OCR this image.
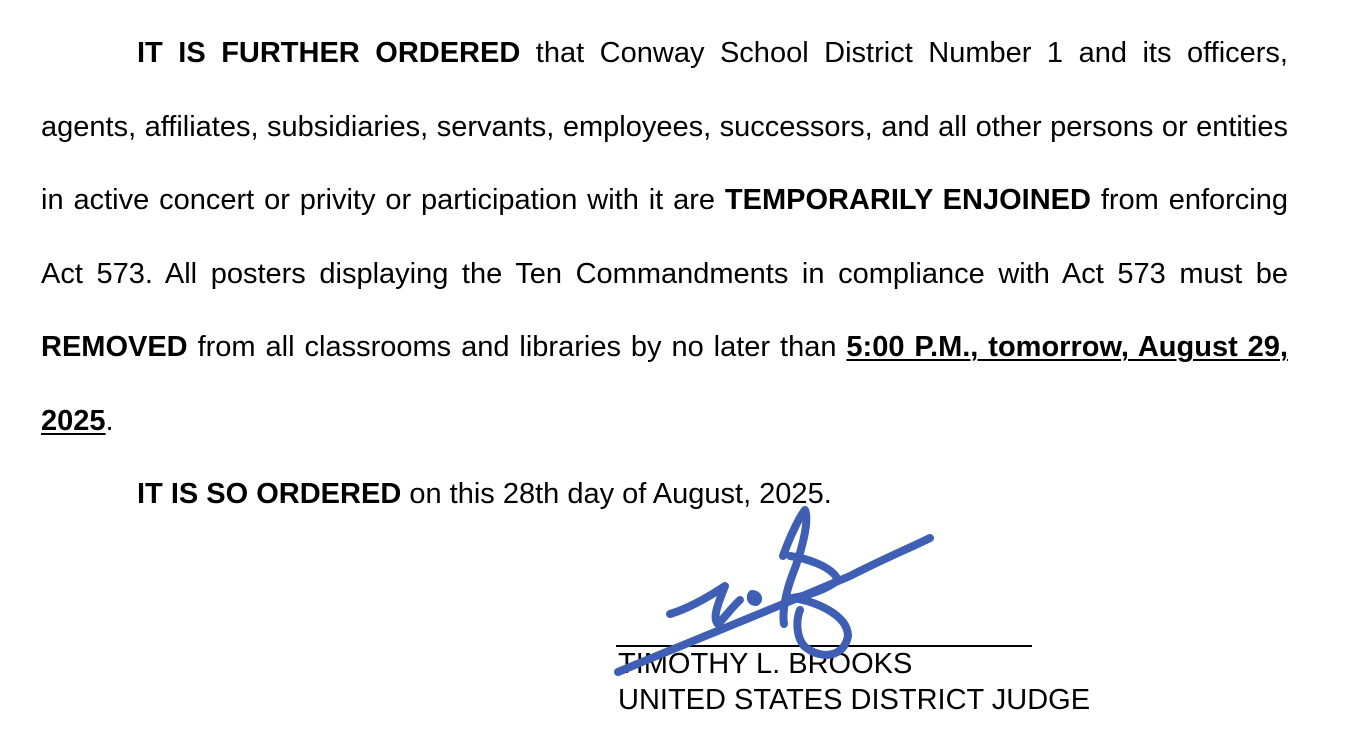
IT IS FURTHER ORDERED that Conway School District Number 1 and its officers, agents, affiliates, subsidiaries, servants, employees, successors, and all other persons or entities in active concert or privity or participation with it are TEMPORARILY ENJOINED from enforcing Act 573. All posters displaying the Ten Commandments in compliance with Act 573 must be REMOVED from all classrooms and libraries by no later than 5:00 P.M., tomorrow, August 29, 2025.

IT IS SO ORDERED on this 28th day of August, 2025.

TIMOTHY L. BROOKS
UNITED STATES DISTRICT JUDGE
